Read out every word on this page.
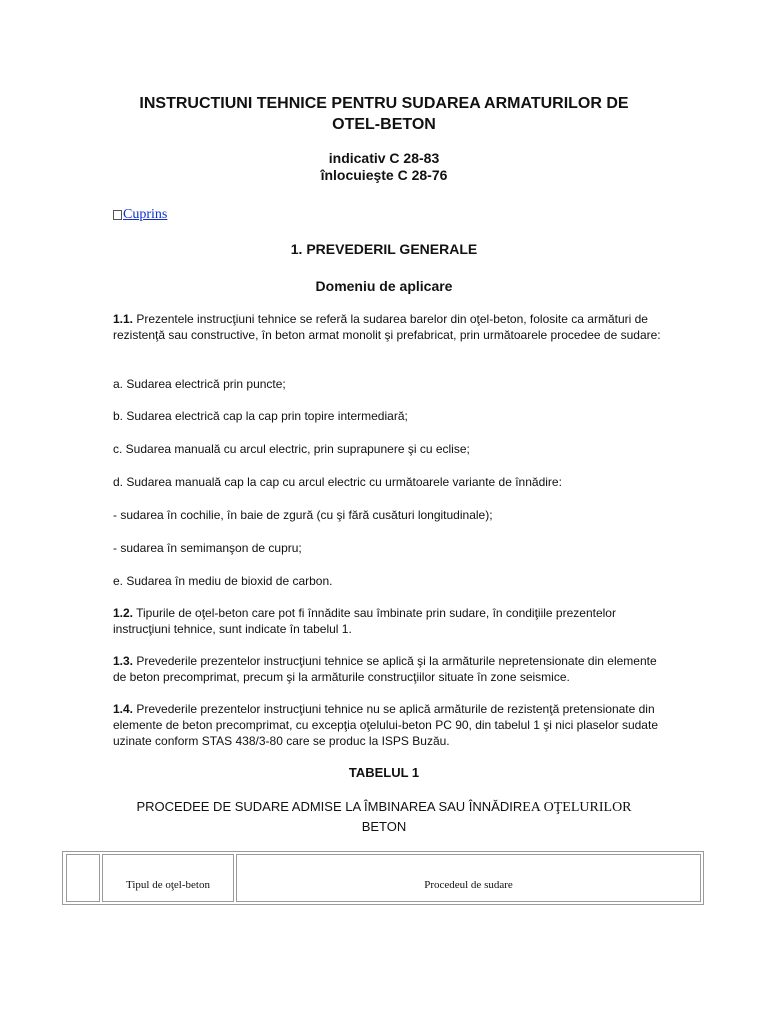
INSTRUCTIUNI TEHNICE PENTRU SUDAREA ARMATURILOR DE
OTEL-BETON
indicativ C 28-83
înlocuieşte C 28-76
Cuprins
1. PREVEDERIL GENERALE
Domeniu de aplicare
1.1. Prezentele instrucţiuni tehnice se referă la sudarea barelor din oţel-beton, folosite ca armături de rezistenţă sau constructive, în beton armat monolit şi prefabricat, prin următoarele procedee de sudare:
a. Sudarea electrică prin puncte;
b. Sudarea electrică cap la cap prin topire intermediară;
c. Sudarea manuală cu arcul electric, prin suprapunere şi cu eclise;
d. Sudarea manuală cap la cap cu arcul electric cu următoarele variante de înnădire:
- sudarea în cochilie, în baie de zgură (cu şi fără cusături longitudinale);
- sudarea în semimanşon de cupru;
e. Sudarea în mediu de bioxid de carbon.
1.2. Tipurile de oţel-beton care pot fi înnădite sau îmbinate prin sudare, în condiţiile prezentelor instrucţiuni tehnice, sunt indicate în tabelul 1.
1.3. Prevederile prezentelor instrucţiuni tehnice se aplică şi la armăturile nepretensionate din elemente de beton precomprimat, precum şi la armăturile construcţiilor situate în zone seismice.
1.4. Prevederile prezentelor instrucţiuni tehnice nu se aplică armăturile de rezistenţă pretensionate din elemente de beton precomprimat, cu excepţia oţelului-beton PC 90, din tabelul 1 şi nici plaselor sudate uzinate conform STAS 438/3-80 care se produc la ISPS Buzău.
TABELUL 1
PROCEDEE DE SUDARE ADMISE LA ÎMBINAREA SAU ÎNNĂDIREA OŢELURILOR
BETON
Tipul de oţel-beton	Procedeul de sudare
